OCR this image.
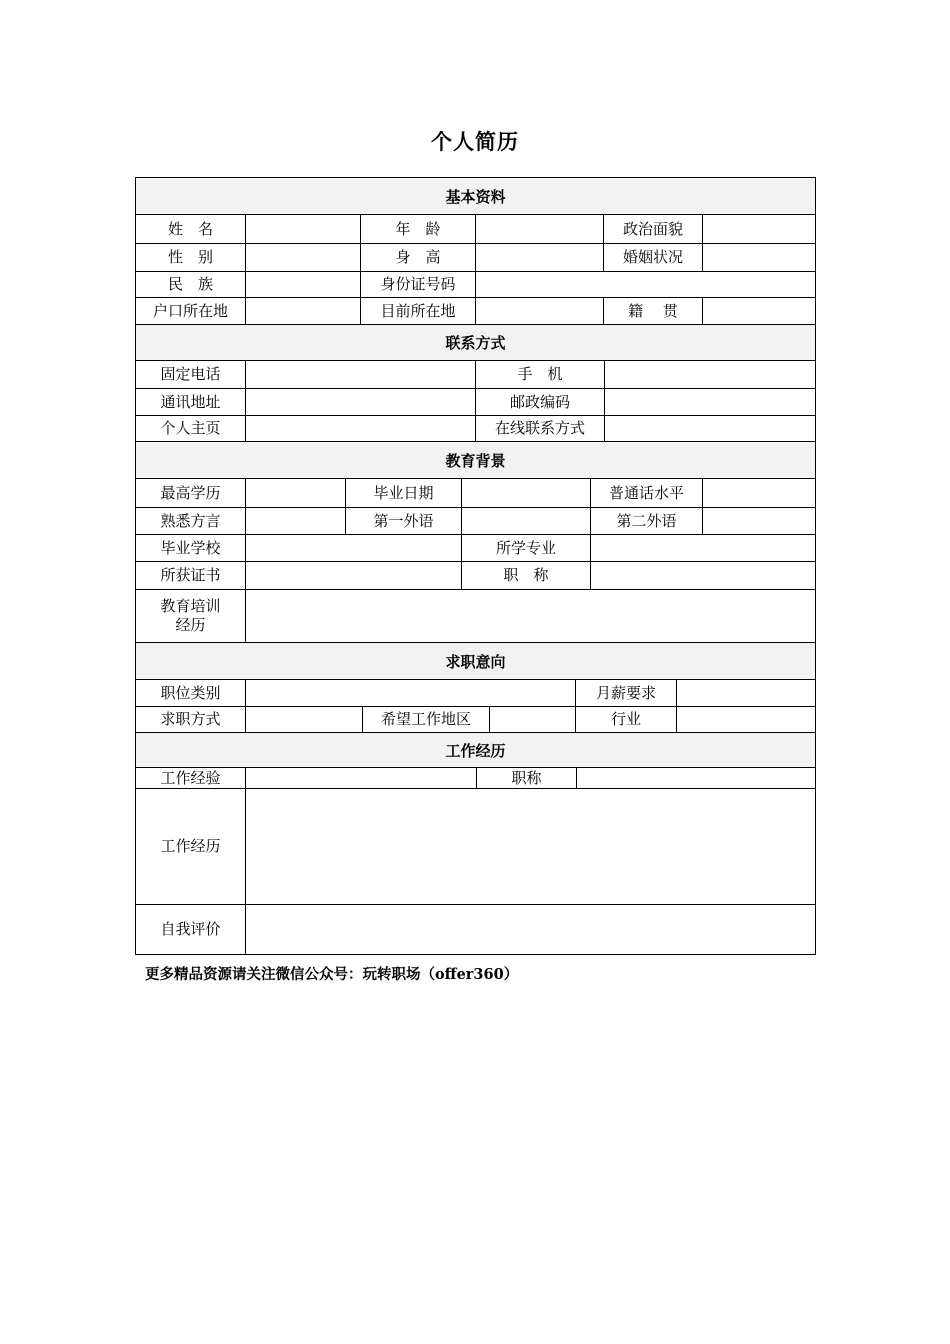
个人简历
基本资料
姓　名	年　龄	政治面貌
性　别	身　高	婚姻状况
民　族	身份证号码
户口所在地	目前所在地	籍　 贯
联系方式
固定电话	手　机
通讯地址	邮政编码
个人主页	在线联系方式
教育背景
最高学历	毕业日期	普通话水平
熟悉方言	第一外语	第二外语
毕业学校	所学专业
所获证书	职　称
教育培训
经历
求职意向
职位类别	月薪要求
求职方式	希望工作地区	行业
工作经历
工作经验	职称
工作经历
自我评价
更多精品资源请关注微信公众号：玩转职场（offer360）
